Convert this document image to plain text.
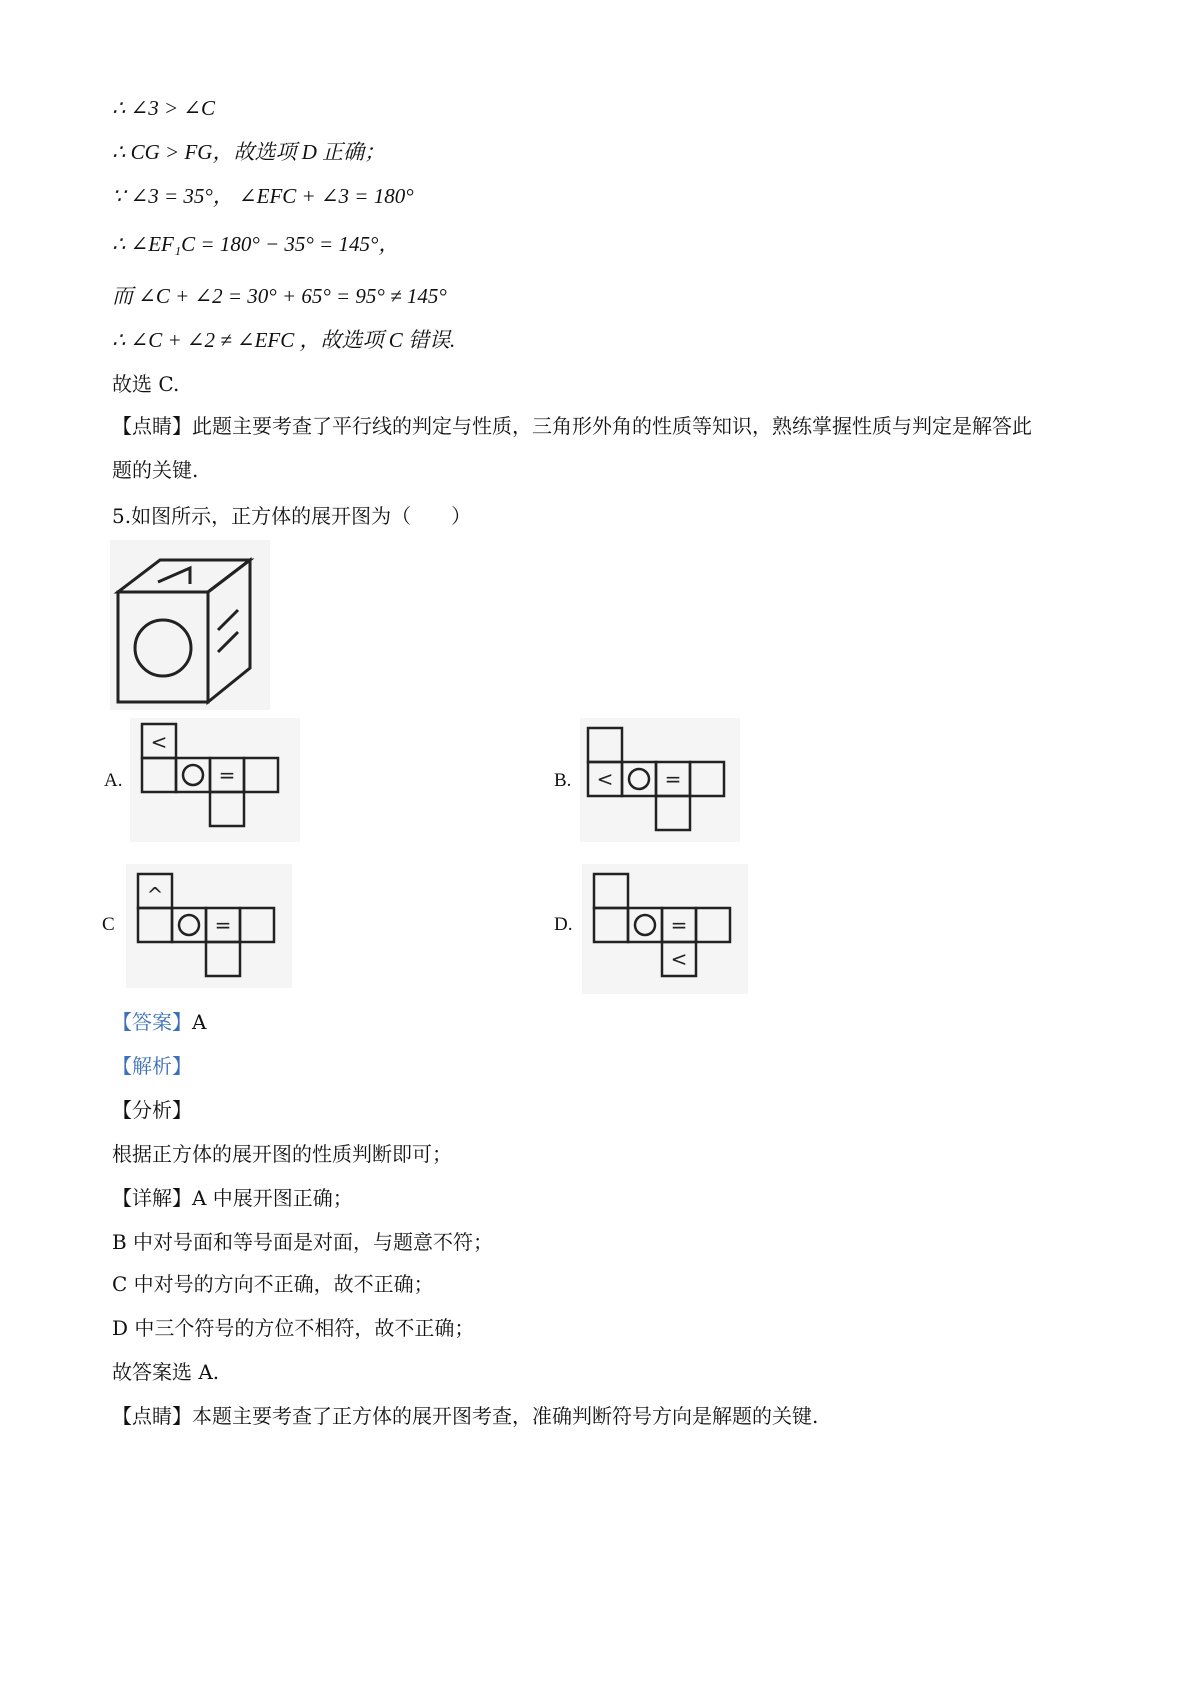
∴ ∠3 > ∠C
∴ CG > FG，故选项 D 正确；
∵ ∠3 = 35°， ∠EFC + ∠3 = 180°
∴ ∠EF₁C = 180° − 35° = 145°，
而 ∠C + ∠2 = 30° + 65° = 95° ≠ 145°
∴ ∠C + ∠2 ≠ ∠EFC ，故选项 C 错误.
故选 C.
【点睛】此题主要考查了平行线的判定与性质，三角形外角的性质等知识，熟练掌握性质与判定是解答此
题的关键.
5.如图所示，正方体的展开图为（　　）
A.
<
=	B. <	=
C
^
=	D.	=
<
【答案】A
【解析】
【分析】
根据正方体的展开图的性质判断即可；
【详解】A 中展开图正确；
B 中对号面和等号面是对面，与题意不符；
C 中对号的方向不正确，故不正确；
D 中三个符号的方位不相符，故不正确；
故答案选 A.
【点睛】本题主要考查了正方体的展开图考查，准确判断符号方向是解题的关键.
